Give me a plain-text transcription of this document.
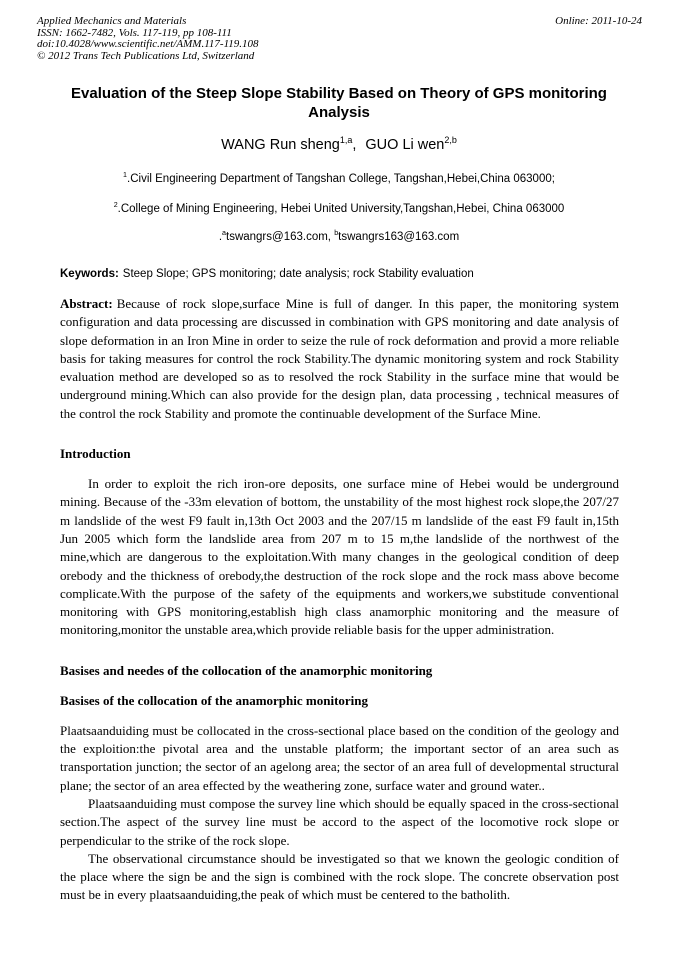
Applied Mechanics and Materials
ISSN: 1662-7482, Vols. 117-119, pp 108-111
doi:10.4028/www.scientific.net/AMM.117-119.108
© 2012 Trans Tech Publications Ltd, Switzerland
Online: 2011-10-24
Evaluation of the Steep Slope Stability Based on Theory of GPS monitoring Analysis
WANG Run sheng$^{1,a}$, GUO Li wen$^{2,b}$
$^1$.Civil Engineering Department of Tangshan College, Tangshan,Hebei,China 063000;
$^2$.College of Mining Engineering, Hebei United University,Tangshan,Hebei, China 063000
.$^a$tswangrs@163.com, $^b$tswangrs163@163.com

Keywords: Steep Slope; GPS monitoring; date analysis; rock Stability evaluation

Abstract: Because of rock slope,surface Mine is full of danger. In this paper, the monitoring system configuration and data processing are discussed in combination with GPS monitoring and date analysis of slope deformation in an Iron Mine in order to seize the rule of rock deformation and provid a more reliable basis for taking measures for control the rock Stability.The dynamic monitoring system and rock Stability evaluation method are developed so as to resolved the rock Stability in the surface mine that would be underground mining.Which can also provide for the design plan, data processing , technical measures of the control the rock Stability and promote the continuable development of the Surface Mine.

Introduction

In order to exploit the rich iron-ore deposits, one surface mine of Hebei would be underground mining. Because of the -33m elevation of bottom, the unstability of the most highest rock slope,the 207/27 m landslide of the west F9 fault in,13th Oct 2003 and the 207/15 m landslide of the east F9 fault in,15th Jun 2005 which form the landslide area from 207 m to 15 m,the landslide of the northwest of the mine,which are dangerous to the exploitation.With many changes in the geological condition of deep orebody and the thickness of orebody,the destruction of the rock slope and the rock mass above become complicate.With the purpose of the safety of the equipments and workers,we substitude conventional monitoring with GPS monitoring,establish high class anamorphic monitoring and the measure of monitoring,monitor the unstable area,which provide reliable basis for the upper administration.

Basises and needes of the collocation of the anamorphic monitoring
Basises of the collocation of the anamorphic monitoring

Plaatsaanduiding must be collocated in the cross-sectional place based on the condition of the geology and the exploition:the pivotal area and the unstable platform; the important sector of an area such as transportation junction; the sector of an agelong area; the sector of an area full of developmental structural plane; the sector of an area effected by the weathering zone, surface water and ground water..

Plaatsaanduiding must compose the survey line which should be equally spaced in the cross-sectional section.The aspect of the survey line must be accord to the aspect of the locomotive rock slope or perpendicular to the strike of the rock slope.

The observational circumstance should be investigated so that we known the geologic condition of the place where the sign be and the sign is combined with the rock slope. The concrete observation post must be in every plaatsaanduiding,the peak of which must be centered to the batholith.
